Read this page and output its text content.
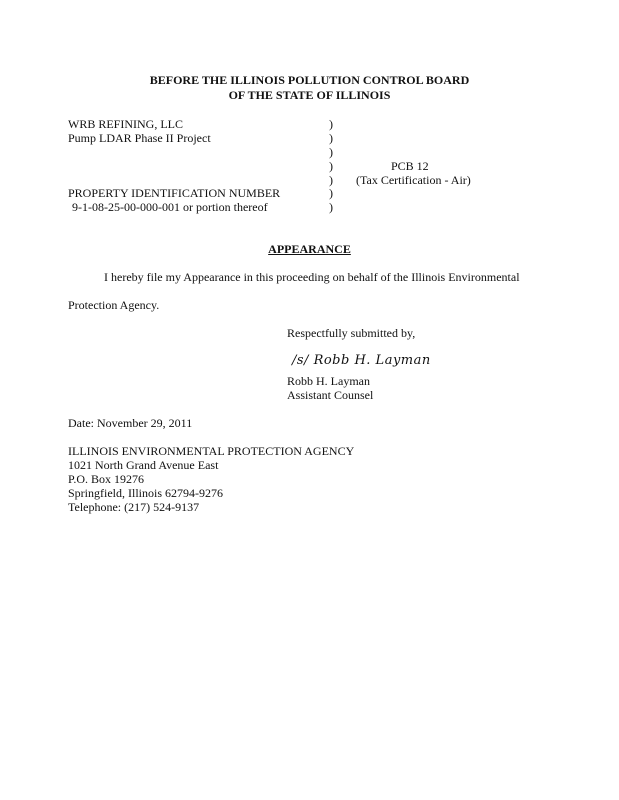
BEFORE THE ILLINOIS POLLUTION CONTROL BOARD
OF THE STATE OF ILLINOIS
WRB REFINING, LLC
Pump LDAR Phase II Project
PROPERTY IDENTIFICATION NUMBER
9-1-08-25-00-000-001 or portion thereof
)
)
)
)
)
)
)
PCB 12
(Tax Certification - Air)
APPEARANCE
I hereby file my Appearance in this proceeding on behalf of the Illinois Environmental
Protection Agency.
Respectfully submitted by,
/s/ Robb H. Layman
Robb H. Layman
Assistant Counsel
Date: November 29, 2011
ILLINOIS ENVIRONMENTAL PROTECTION AGENCY
1021 North Grand Avenue East
P.O. Box 19276
Springfield, Illinois 62794-9276
Telephone: (217) 524-9137
